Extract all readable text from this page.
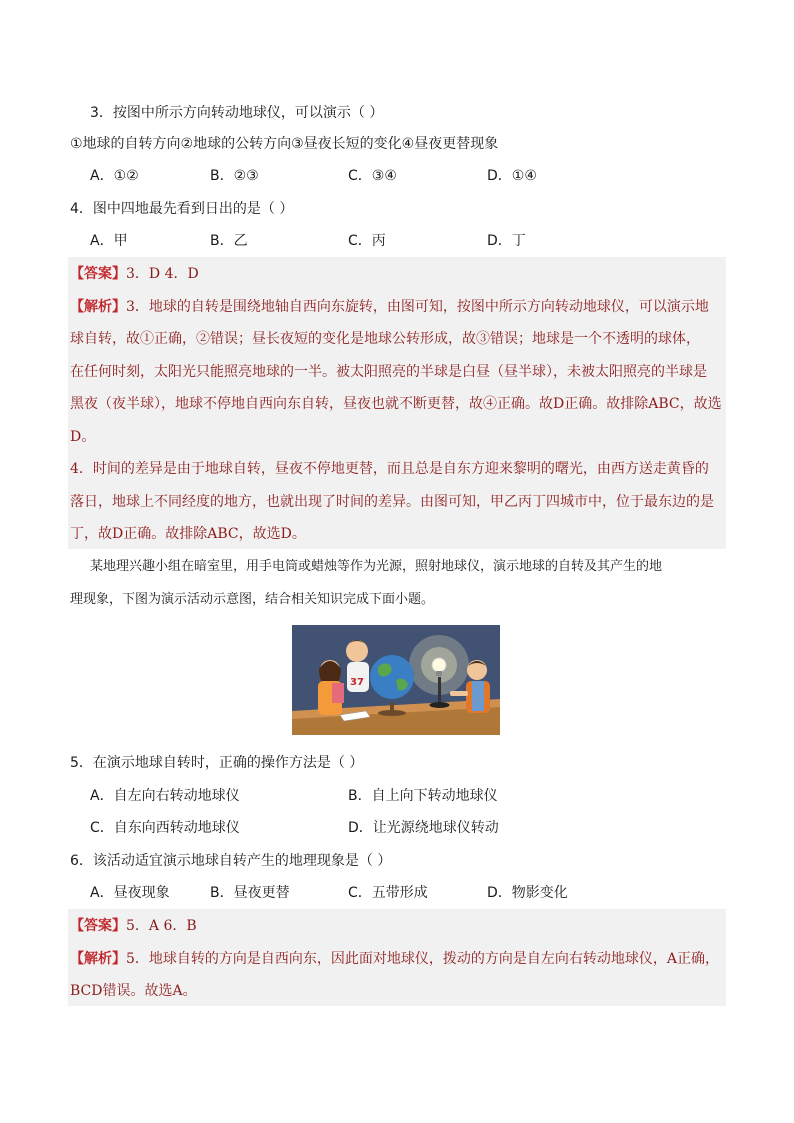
3．按图中所示方向转动地球仪，可以演示（ ）
①地球的自转方向②地球的公转方向③昼夜长短的变化④昼夜更替现象
A．①②	B．②③	C．③④	D．①④
4．图中四地最先看到日出的是（ ）
A．甲	B．乙	C．丙	D．丁
【答案】3．D 4．D
【解析】3．地球的自转是围绕地轴自西向东旋转，由图可知，按图中所示方向转动地球仪，可以演示地
球自转，故①正确，②错误；昼长夜短的变化是地球公转形成，故③错误；地球是一个不透明的球体，
在任何时刻，太阳光只能照亮地球的一半。被太阳照亮的半球是白昼（昼半球），未被太阳照亮的半球是
黑夜（夜半球），地球不停地自西向东自转，昼夜也就不断更替，故④正确。故D正确。故排除ABC，故选
D。
4．时间的差异是由于地球自转，昼夜不停地更替，而且总是自东方迎来黎明的曙光，由西方送走黄昏的
落日，地球上不同经度的地方，也就出现了时间的差异。由图可知，甲乙丙丁四城市中，位于最东边的是
丁，故D正确。故排除ABC，故选D。
某地理兴趣小组在暗室里，用手电筒或蜡烛等作为光源，照射地球仪，演示地球的自转及其产生的地
理现象，下图为演示活动示意图，结合相关知识完成下面小题。
37
5．在演示地球自转时，正确的操作方法是（ ）
A．自左向右转动地球仪	B．自上向下转动地球仪
C．自东向西转动地球仪	D．让光源绕地球仪转动
6．该活动适宜演示地球自转产生的地理现象是（ ）
A．昼夜现象	B．昼夜更替	C．五带形成	D．物影变化
【答案】5．A 6．B
【解析】5．地球自转的方向是自西向东，因此面对地球仪，拨动的方向是自左向右转动地球仪，A正确，
BCD错误。故选A。
